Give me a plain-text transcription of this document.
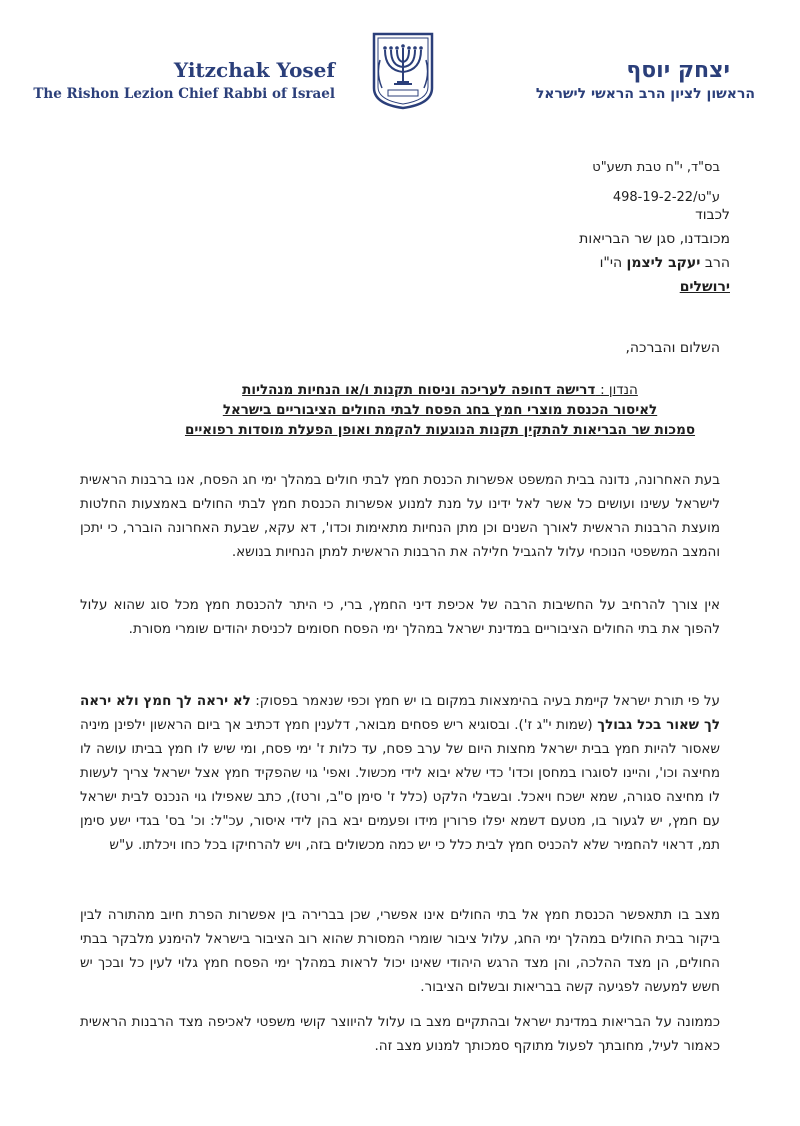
Yitzchak Yosef
The Rishon Lezion Chief Rabbi of Israel
יצחק יוסף
הראשון לציון הרב הראשי לישראל
בס"ד, י"ח טבת תשע"ט
498-19-2-22/ע"ט
לכבוד
מכובדנו, סגן שר הבריאות
הרב יעקב ליצמן הי"ו
ירושלים
השלום והברכה,
הנדון : דרישה דחופה לעריכה וניסוח תקנות ו/או הנחיות מנהליות
לאיסור הכנסת מוצרי חמץ בחג הפסח לבתי החולים הציבוריים בישראל
סמכות שר הבריאות להתקין תקנות הנוגעות להקמת ואופן הפעלת מוסדות רפואיים
בעת האחרונה, נדונה בבית המשפט אפשרות הכנסת חמץ לבתי חולים במהלך ימי חג הפסח, אנו ברבנות הראשית לישראל עשינו ועושים כל אשר לאל ידינו על מנת למנוע אפשרות הכנסת חמץ לבתי החולים באמצעות החלטות מועצת הרבנות הראשית לאורך השנים וכן מתן הנחיות מתאימות וכדו', דא עקא, שבעת האחרונה הוברר, כי יתכן והמצב המשפטי הנוכחי עלול להגביל חלילה את הרבנות הראשית למתן הנחיות בנושא.
אין צורך להרחיב על החשיבות הרבה של אכיפת דיני החמץ, ברי, כי היתר להכנסת חמץ מכל סוג שהוא עלול להפוך את בתי החולים הציבוריים במדינת ישראל במהלך ימי הפסח חסומים לכניסת יהודים שומרי מסורת.
על פי תורת ישראל קיימת בעיה בהימצאות במקום בו יש חמץ וכפי שנאמר בפסוק: לא יראה לך חמץ ולא יראה לך שאור בכל גבולך (שמות י"ג ז'). ובסוגיא ריש פסחים מבואר, דלענין חמץ דכתיב אך ביום הראשון ילפינן מיניה שאסור להיות חמץ בבית ישראל מחצות היום של ערב פסח, עד כלות ז' ימי פסח, ומי שיש לו חמץ בביתו עושה לו מחיצה וכו', והיינו לסוגרו במחסן וכדו' כדי שלא יבוא לידי מכשול. ואפי' גוי שהפקיד חמץ אצל ישראל צריך לעשות לו מחיצה סגורה, שמא ישכח ויאכל. ובשבלי הלקט (כלל ז' סימן ס"ב, ורטז), כתב שאפילו גוי הנכנס לבית ישראל עם חמץ, יש לגעור בו, מטעם דשמא יפלו פרורין מידו ופעמים יבא בהן לידי איסור, עכ"ל: וכ' בס' בגדי ישע סימן תמ, דראוי להחמיר שלא להכניס חמץ לבית כלל כי יש כמה מכשולים בזה, ויש להרחיקו בכל כחו ויכלתו. ע"ש
מצב בו תתאפשר הכנסת חמץ אל בתי החולים אינו אפשרי, שכן בברירה בין אפשרות הפרת חיוב מהתורה לבין ביקור בבית החולים במהלך ימי החג, עלול ציבור שומרי המסורת שהוא רוב הציבור בישראל להימנע מלבקר בבתי החולים, הן מצד ההלכה, והן מצד הרגש היהודי שאינו יכול לראות במהלך ימי הפסח חמץ גלוי לעין כל ובכך יש חשש למעשה לפגיעה קשה בבריאות ובשלום הציבור.
כממונה על הבריאות במדינת ישראל ובהתקיים מצב בו עלול להיווצר קושי משפטי לאכיפה מצד הרבנות הראשית כאמור לעיל, מחובתך לפעול מתוקף סמכותך למנוע מצב זה.
